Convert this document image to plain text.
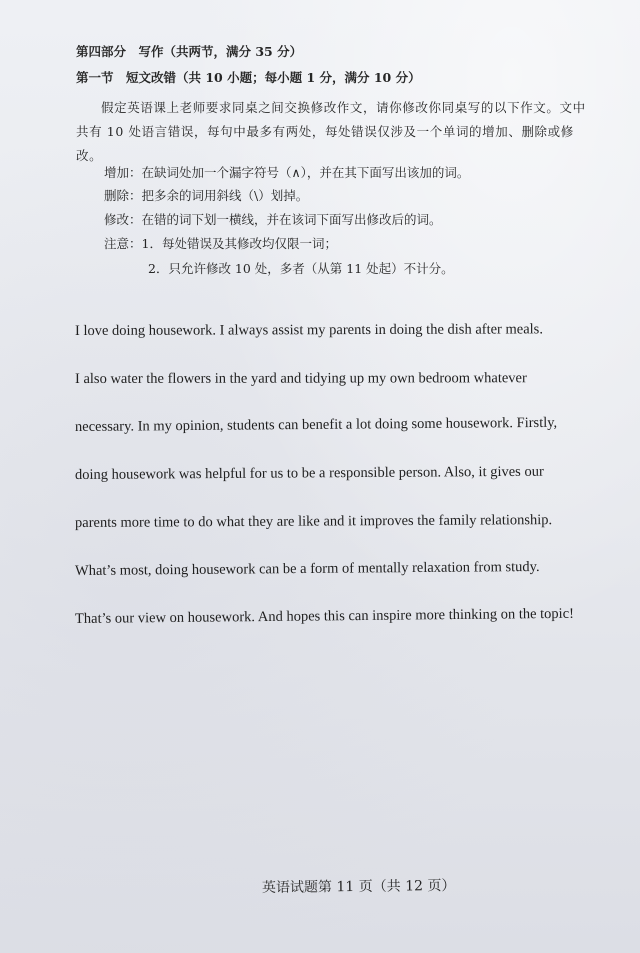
第四部分　写作（共两节，满分 35 分）

第一节　短文改错（共 10 小题；每小题 1 分，满分 10 分）

假定英语课上老师要求同桌之间交换修改作文，请你修改你同桌写的以下作文。文中共有 10 处语言错误，每句中最多有两处，每处错误仅涉及一个单词的增加、删除或修改。

增加：在缺词处加一个漏字符号（∧），并在其下面写出该加的词。

删除：把多余的词用斜线（\）划掉。

修改：在错的词下划一横线，并在该词下面写出修改后的词。

注意：1．每处错误及其修改均仅限一词；

2．只允许修改 10 处，多者（从第 11 处起）不计分。

I love doing housework. I always assist my parents in doing the dish after meals.

I also water the flowers in the yard and tidying up my own bedroom whatever

necessary. In my opinion, students can benefit a lot doing some housework. Firstly,

doing housework was helpful for us to be a responsible person. Also, it gives our

parents more time to do what they are like and it improves the family relationship.

What’s most, doing housework can be a form of mentally relaxation from study.

That’s our view on housework. And hopes this can inspire more thinking on the topic!

英语试题第 11 页（共 12 页）
